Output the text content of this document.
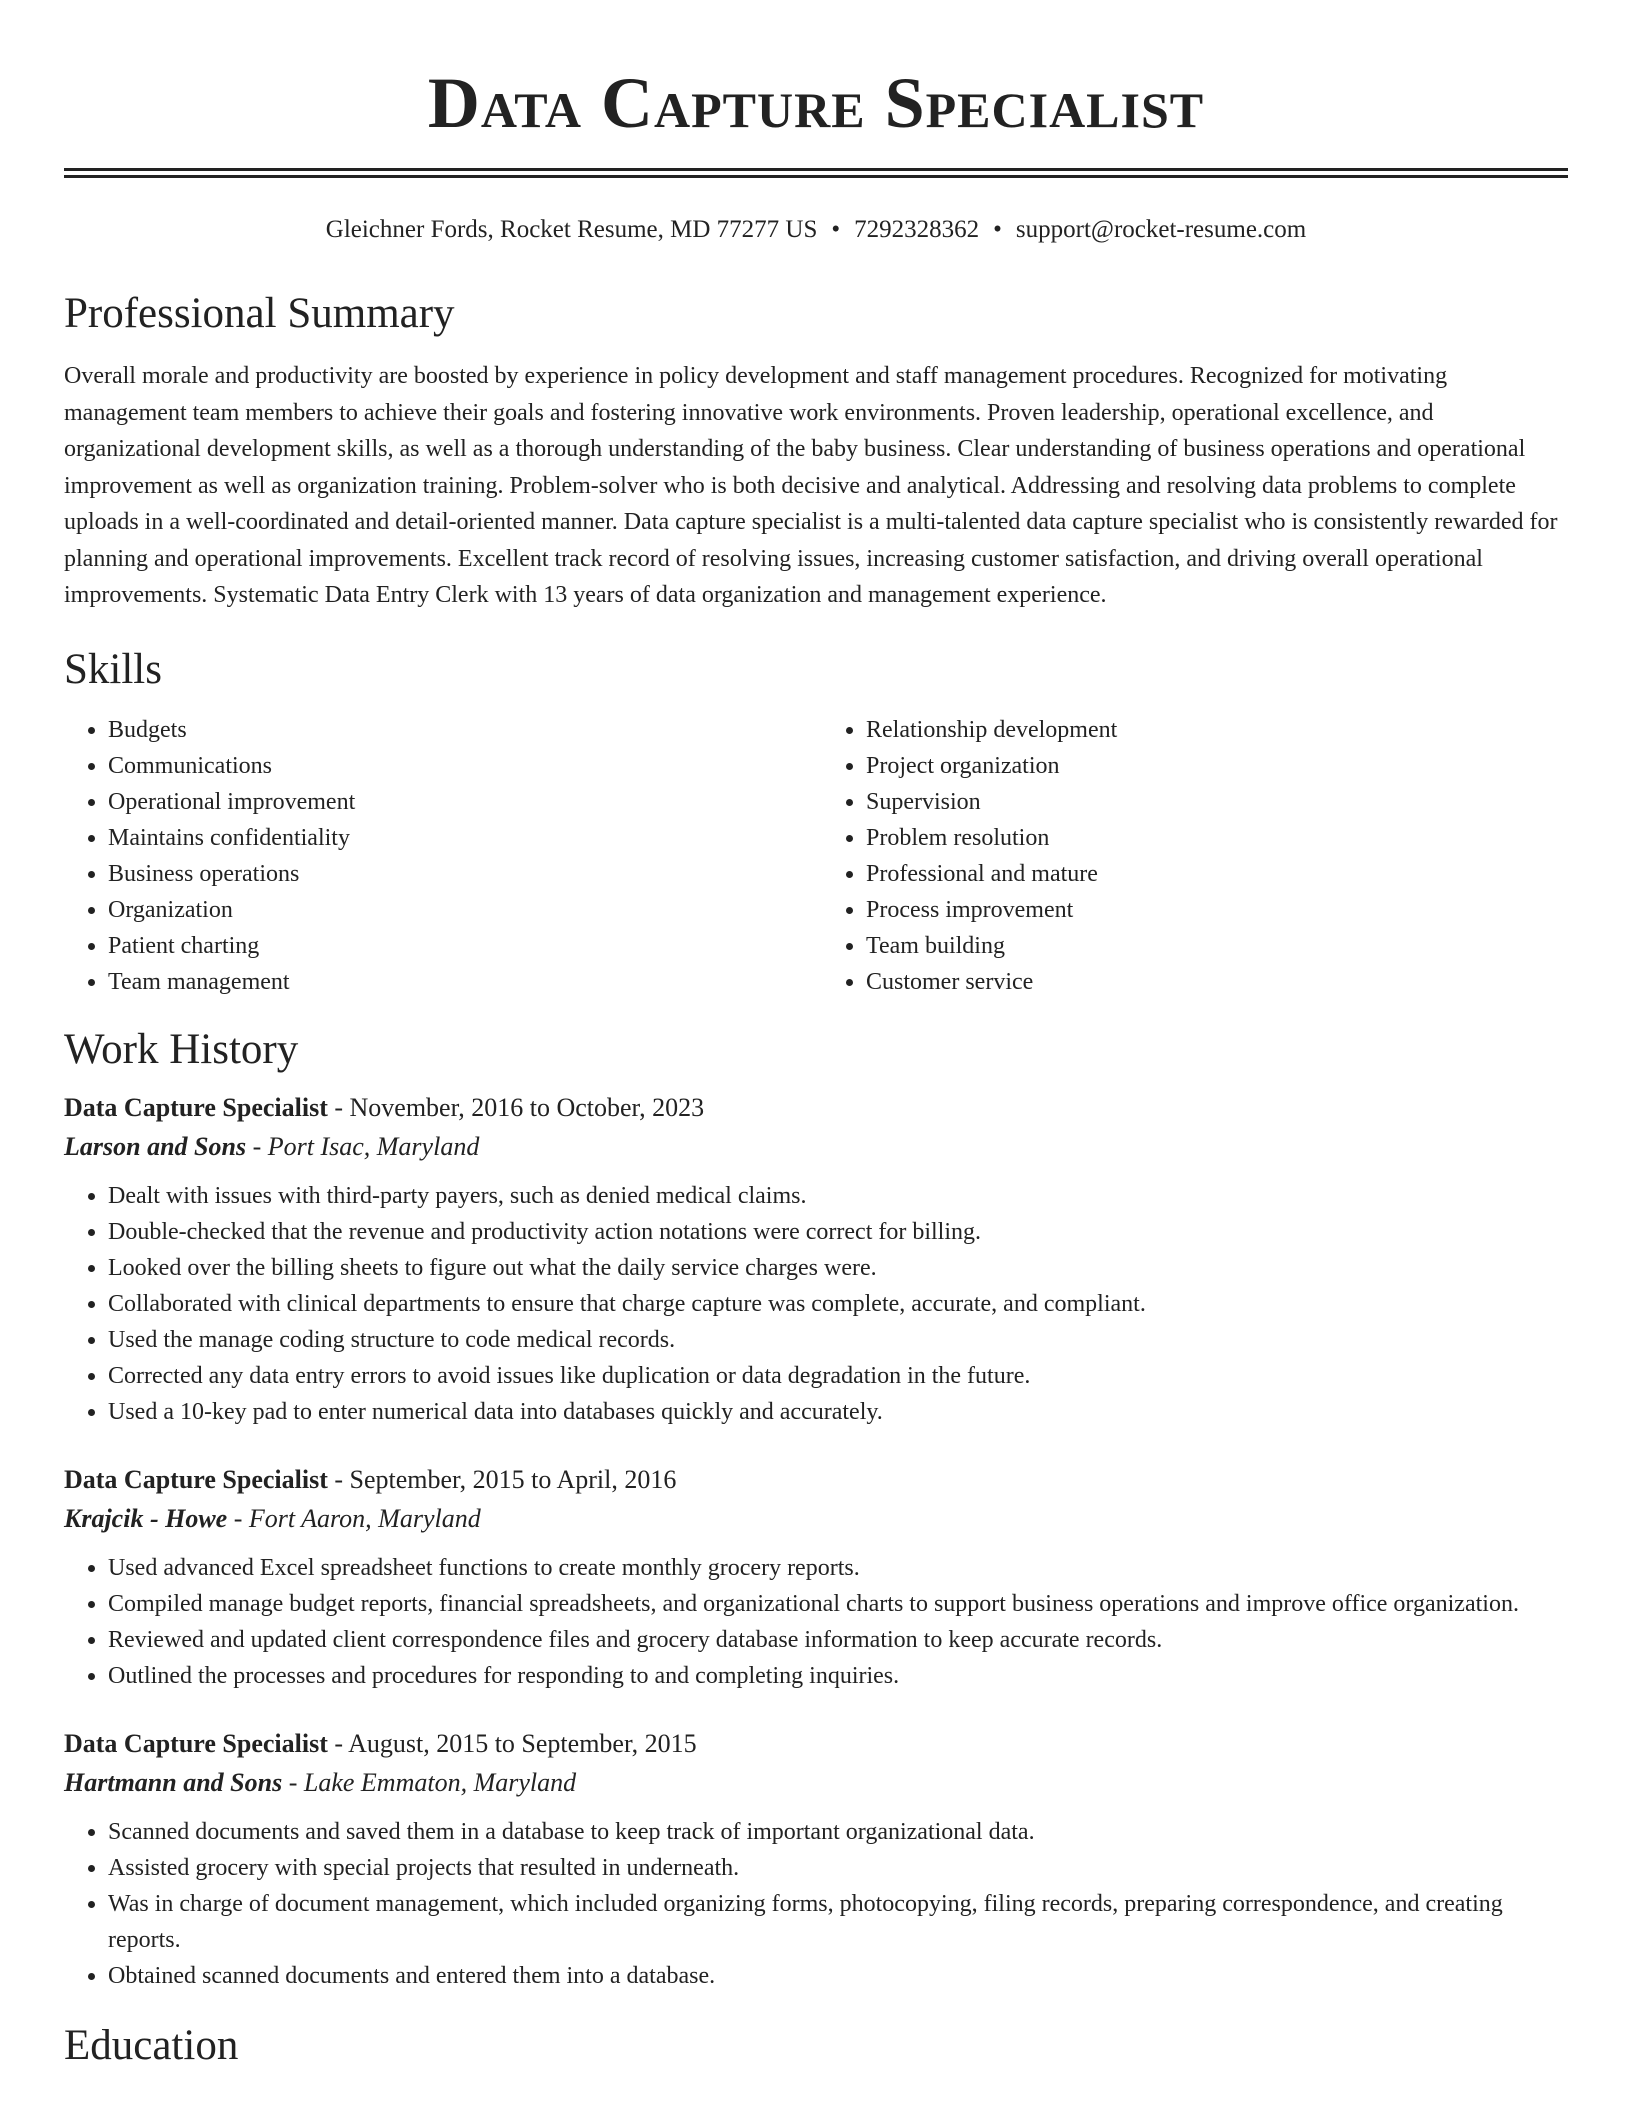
Data Capture Specialist
Gleichner Fords, Rocket Resume, MD 77277 US • 7292328362 • support@rocket-resume.com
Professional Summary

Overall morale and productivity are boosted by experience in policy development and staff management procedures. Recognized for motivating management team members to achieve their goals and fostering innovative work environments. Proven leadership, operational excellence, and organizational development skills, as well as a thorough understanding of the baby business. Clear understanding of business operations and operational improvement as well as organization training. Problem-solver who is both decisive and analytical. Addressing and resolving data problems to complete uploads in a well-coordinated and detail-oriented manner. Data capture specialist is a multi-talented data capture specialist who is consistently rewarded for planning and operational improvements. Excellent track record of resolving issues, increasing customer satisfaction, and driving overall operational improvements. Systematic Data Entry Clerk with 13 years of data organization and management experience.

Skills
• Budgets
• Communications
• Operational improvement
• Maintains confidentiality
• Business operations
• Organization
• Patient charting
• Team management
• Relationship development
• Project organization
• Supervision
• Problem resolution
• Professional and mature
• Process improvement
• Team building
• Customer service
Work History
Data Capture Specialist - November, 2016 to October, 2023
Larson and Sons - Port Isac, Maryland
• Dealt with issues with third-party payers, such as denied medical claims.
• Double-checked that the revenue and productivity action notations were correct for billing.
• Looked over the billing sheets to figure out what the daily service charges were.
• Collaborated with clinical departments to ensure that charge capture was complete, accurate, and compliant.
• Used the manage coding structure to code medical records.
• Corrected any data entry errors to avoid issues like duplication or data degradation in the future.
• Used a 10-key pad to enter numerical data into databases quickly and accurately.
Data Capture Specialist - September, 2015 to April, 2016
Krajcik - Howe - Fort Aaron, Maryland
• Used advanced Excel spreadsheet functions to create monthly grocery reports.
• Compiled manage budget reports, financial spreadsheets, and organizational charts to support business operations and improve office organization.
• Reviewed and updated client correspondence files and grocery database information to keep accurate records.
• Outlined the processes and procedures for responding to and completing inquiries.
Data Capture Specialist - August, 2015 to September, 2015
Hartmann and Sons - Lake Emmaton, Maryland
• Scanned documents and saved them in a database to keep track of important organizational data.
• Assisted grocery with special projects that resulted in underneath.
• Was in charge of document management, which included organizing forms, photocopying, filing records, preparing correspondence, and creating reports.
• Obtained scanned documents and entered them into a database.
Education
